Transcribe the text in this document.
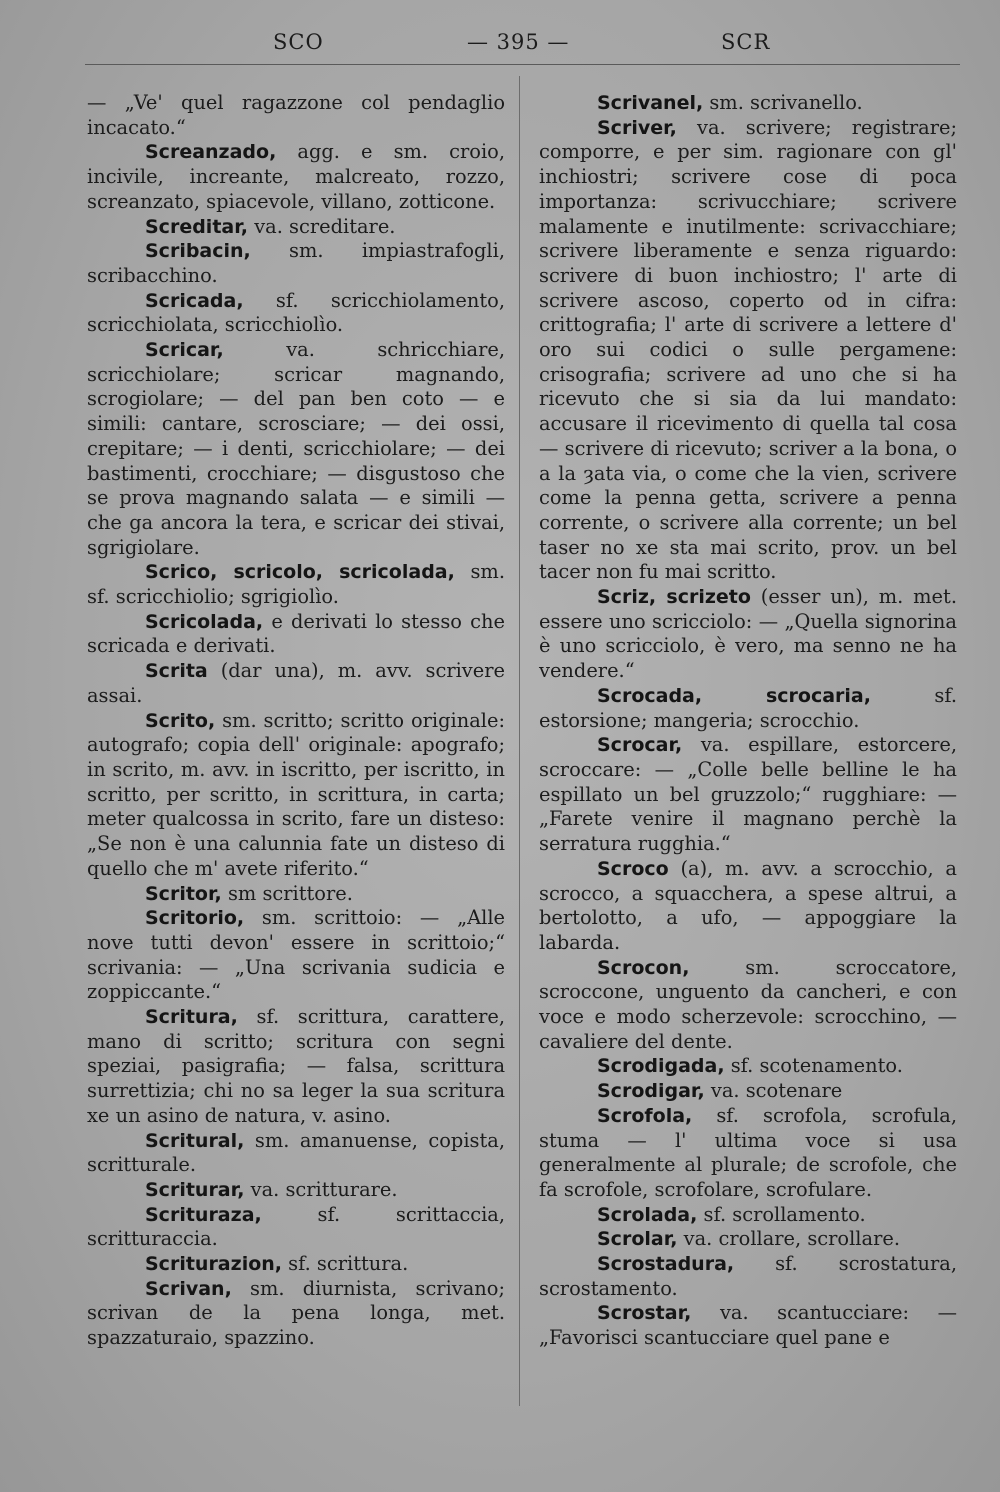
SCO	— 395 —	SCR

— „Ve' quel ragazzone col pendaglio incacato.“

Screanzado, agg. e sm. croio, incivile, increante, malcreato, rozzo, screanzato, spiacevole, villano, zotticone.

Screditar, va. screditare.

Scribacin, sm. impiastrafogli, scribacchino.

Scricada, sf. scricchiolamento, scricchiolata, scricchiolìo.

Scricar,	va. schricchiare, scricchiolare; scricar magnando, scrogiolare; — del pan ben coto — e simili: cantare, scrosciare; — dei ossi, crepitare; — i denti, scricchiolare; — dei bastimenti, crocchiare; — disgustoso che se prova magnando salata — e simili — che ga ancora la tera, e scricar dei stivai, sgrigiolare.

Scrico, scricolo, scricolada, sm. sf. scricchiolio; sgrigiolìo.

Scricolada, e derivati lo stesso che scricada e derivati.

Scrita (dar una), m. avv. scrivere assai.

Scrito, sm. scritto; scritto originale: autografo; copia dell' originale: apografo; in scrito, m. avv. in iscritto, per iscritto, in scritto, per scritto, in scrittura, in carta; meter qualcossa in scrito, fare un disteso: „Se non è una calunnia fate un disteso di quello che m' avete riferito.“

Scritor, sm scrittore.

Scritorio, sm. scrittoio: — „Alle nove tutti devon' essere in scrittoio;“ scrivania: — „Una scrivania sudicia e zoppiccante.“

Scritura, sf. scrittura, carattere, mano di scritto; scritura con segni speziai, pasigrafia; — falsa, scrittura surrettizia; chi no sa leger la sua scritura xe un asino de natura, v. asino.

Scritural, sm. amanuense, copista, scritturale.

Scriturar, va. scritturare.

Scrituraza,	sf. scrittaccia, scritturaccia.

Scriturazion, sf. scrittura.

Scrivan, sm. diurnista, scrivano; scrivan de la pena longa, met. spazzaturaio, spazzino.

Scrivanel, sm. scrivanello.

Scriver, va. scrivere; registrare; comporre, e per sim. ragionare con gl' inchiostri; scrivere cose di poca importanza: scrivucchiare; scrivere malamente e inutilmente: scrivacchiare; scrivere liberamente e senza riguardo: scrivere di buon inchiostro; l' arte di scrivere ascoso, coperto od in cifra: crittografia; l' arte di scrivere a lettere d' oro sui codici o sulle pergamene: crisografia; scrivere ad uno che si ha ricevuto che si sia da lui mandato: accusare il ricevimento di quella tal cosa — scrivere di ricevuto; scriver a la bona, o a la ȝata via, o come che la vien, scrivere come la penna getta, scrivere a penna corrente, o scrivere alla corrente; un bel taser no xe sta mai scrito, prov. un bel tacer non fu mai scritto.

Scriz, scrizeto (esser un), m. met. essere uno scricciolo: — „Quella signorina è uno scricciolo, è vero, ma senno ne ha vendere.“

Scrocada, scrocaria,	sf. estorsione; mangeria; scrocchio.

Scrocar, va. espillare, estorcere, scroccare: — „Colle belle belline le ha espillato un bel gruzzolo;“ rugghiare: — „Farete venire il magnano perchè la serratura rugghia.“

Scroco (a), m. avv. a scrocchio, a scrocco, a squacchera, a spese altrui, a bertolotto, a ufo, — appoggiare la labarda.

Scrocon,	sm. scroccatore, scroccone, unguento da cancheri, e con voce e modo scherzevole: scrocchino, — cavaliere del dente.

Scrodigada, sf. scotenamento.

Scrodigar, va. scotenare

Scrofola, sf. scrofola, scrofula, stuma — l' ultima voce si usa generalmente al plurale; de scrofole, che fa scrofole, scrofolare, scrofulare.

Scrolada, sf. scrollamento.

Scrolar, va. crollare, scrollare.

Scrostadura, sf. scrostatura, scrostamento.

Scrostar, va. scantucciare: — „Favorisci scantucciare quel pane e
